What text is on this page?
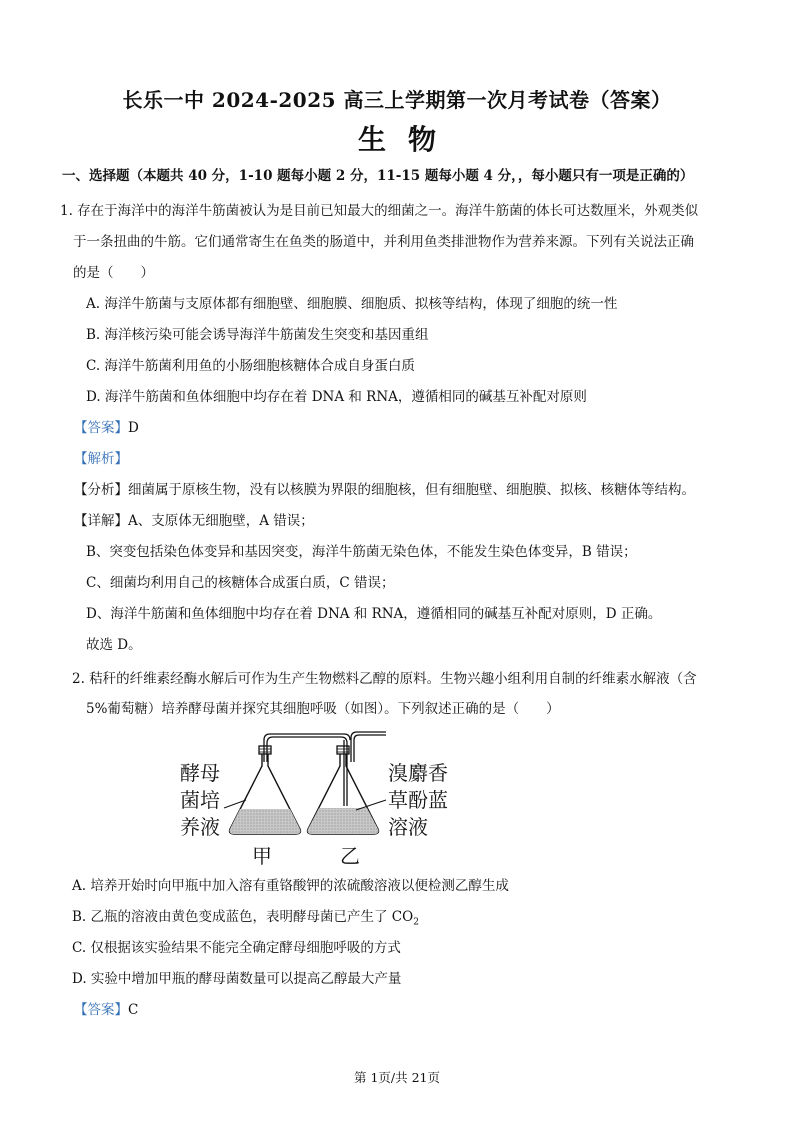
长乐一中 2024-2025 高三上学期第一次月考试卷（答案）
生物
一、选择题（本题共 40 分，1-10 题每小题 2 分，11-15 题每小题 4 分，，每小题只有一项是正确的）
1. 存在于海洋中的海洋牛筋菌被认为是目前已知最大的细菌之一。海洋牛筋菌的体长可达数厘米，外观类似
于一条扭曲的牛筋。它们通常寄生在鱼类的肠道中，并利用鱼类排泄物作为营养来源。下列有关说法正确
的是（　　）
A. 海洋牛筋菌与支原体都有细胞壁、细胞膜、细胞质、拟核等结构，体现了细胞的统一性
B. 海洋核污染可能会诱导海洋牛筋菌发生突变和基因重组
C. 海洋牛筋菌利用鱼的小肠细胞核糖体合成自身蛋白质
D. 海洋牛筋菌和鱼体细胞中均存在着 DNA 和 RNA，遵循相同的碱基互补配对原则
【答案】D
【解析】
【分析】细菌属于原核生物，没有以核膜为界限的细胞核，但有细胞壁、细胞膜、拟核、核糖体等结构。
【详解】A、支原体无细胞壁，A 错误；
B、突变包括染色体变异和基因突变，海洋牛筋菌无染色体，不能发生染色体变异，B 错误；
C、细菌均利用自己的核糖体合成蛋白质，C 错误；
D、海洋牛筋菌和鱼体细胞中均存在着 DNA 和 RNA，遵循相同的碱基互补配对原则，D 正确。
故选 D。
2. 秸秆的纤维素经酶水解后可作为生产生物燃料乙醇的原料。生物兴趣小组利用自制的纤维素水解液（含
5%葡萄糖）培养酵母菌并探究其细胞呼吸（如图）。下列叙述正确的是（　　）
酵母
菌培
养液
溴麝香
草酚蓝
溶液
甲	乙
A. 培养开始时向甲瓶中加入溶有重铬酸钾的浓硫酸溶液以便检测乙醇生成
B. 乙瓶的溶液由黄色变成蓝色，表明酵母菌已产生了 $CO_2$
C. 仅根据该实验结果不能完全确定酵母细胞呼吸的方式
D. 实验中增加甲瓶的酵母菌数量可以提高乙醇最大产量
【答案】C
第 1页/共 21页
